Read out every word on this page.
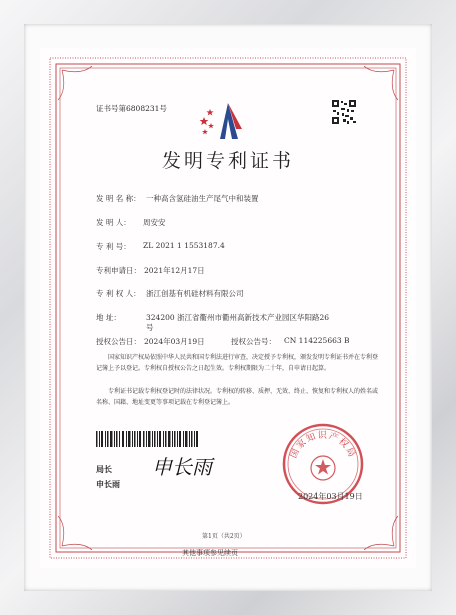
证书号第6808231号
发明专利证书
发 明 名 称： 一种高含氢硅油生产尾气中和装置
发 明 人： 周安安
专 利 号： ZL 2021 1 1553187.4
专利申请日： 2021年12月17日
专 利 权 人： 浙江创基有机硅材料有限公司
地 址：	324200 浙江省衢州市衢州高新技术产业园区华阳路26
号
授权公告日： 2024年03月19日	授权公告号： CN 114225663 B
国家知识产权局依照中华人民共和国专利法进行审查，决定授予专利权，颁发发明专利证书并在专利登记簿上予以登记。专利权自授权公告之日起生效。专利权期限为二十年，自申请日起算。
专利证书记载专利权登记时的法律状况。专利权的转移、质押、无效、终止、恢复和专利权人的姓名或名称、国籍、地址变更等事项记载在专利登记簿上。
局长
申长雨
申长雨
国家知识产权局
2024年03月19日
第1页（共2页）
其他事项参见续页
